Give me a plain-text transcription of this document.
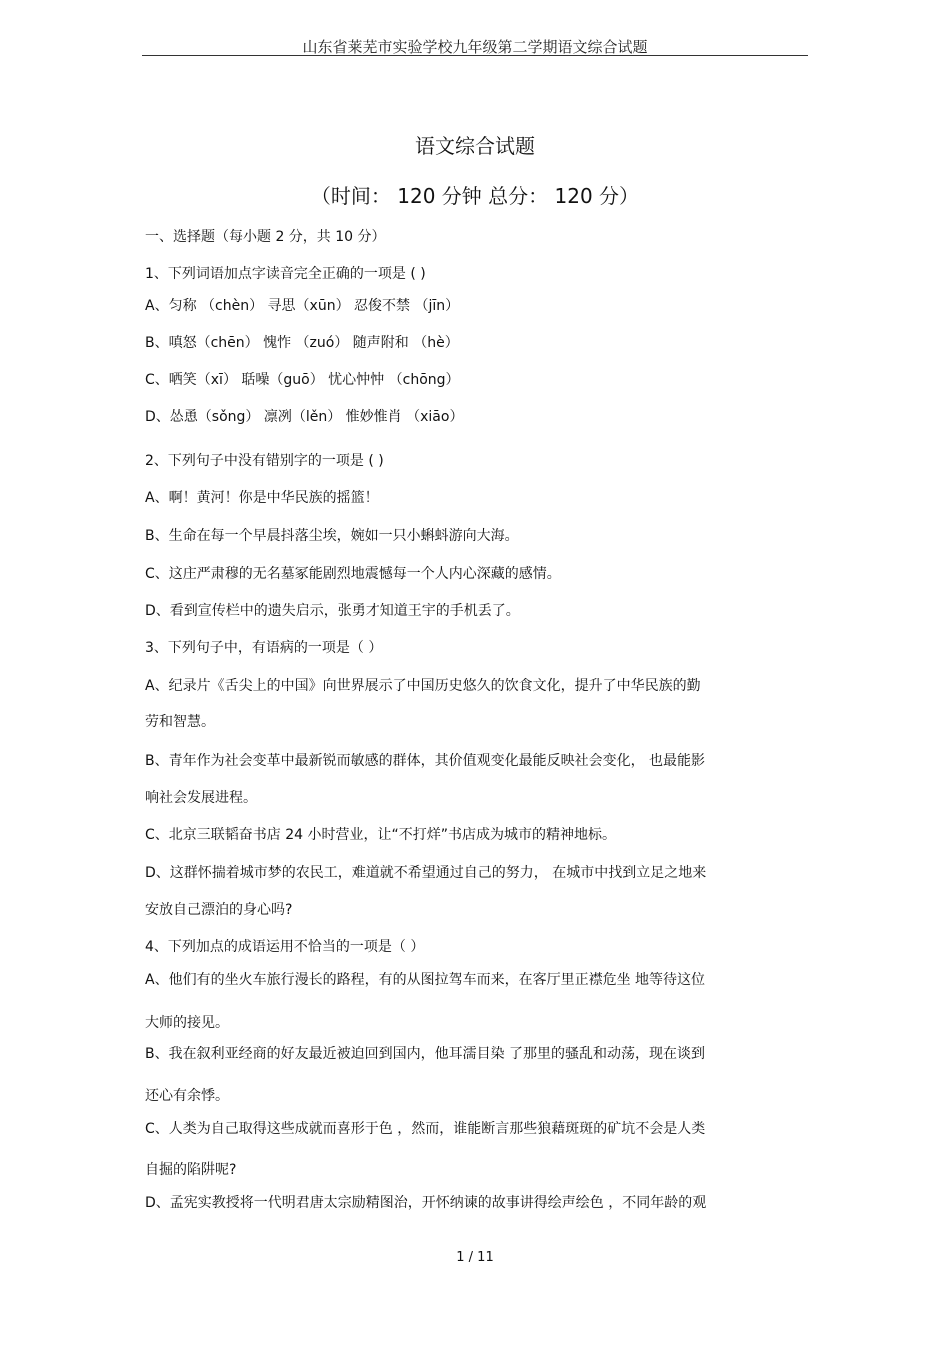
山东省莱芜市实验学校九年级第二学期语文综合试题
语文综合试题
（时间： 120 分钟 总分： 120 分）
一、选择题（每小题 2 分，共 10 分）
1、下列词语加点字读音完全正确的一项是 ( )
A、匀称 （chèn） 寻思（xūn） 忍俊不禁 （jīn）
B、嗔怒（chēn） 愧怍 （zuó） 随声附和 （hè）
C、哂笑（xī） 聒噪（guō） 忧心忡忡 （chōng）
D、怂恿（sǒng） 凛冽（lěn） 惟妙惟肖 （xiāo）
2、下列句子中没有错别字的一项是 ( )
A、啊！黄河！你是中华民族的摇篮！
B、生命在每一个早晨抖落尘埃，婉如一只小蝌蚪游向大海。
C、这庄严肃穆的无名墓冢能剧烈地震憾每一个人内心深藏的感情。
D、看到宣传栏中的遗失启示，张勇才知道王宇的手机丢了。
3、下列句子中，有语病的一项是（ ）
A、纪录片《舌尖上的中国》向世界展示了中国历史悠久的饮食文化，提升了中华民族的勤
劳和智慧。
B、青年作为社会变革中最新锐而敏感的群体，其价值观变化最能反映社会变化， 也最能影
响社会发展进程。
C、北京三联韬奋书店 24 小时营业，让“不打烊”书店成为城市的精神地标。
D、这群怀揣着城市梦的农民工，难道就不希望通过自己的努力， 在城市中找到立足之地来
安放自己漂泊的身心吗?
4、下列加点的成语运用不恰当的一项是（ ）
A、他们有的坐火车旅行漫长的路程，有的从图拉驾车而来，在客厅里正襟危坐 地等待这位
大师的接见。
B、我在叙利亚经商的好友最近被迫回到国内，他耳濡目染 了那里的骚乱和动荡，现在谈到
还心有余悸。
C、人类为自己取得这些成就而喜形于色 ，然而，谁能断言那些狼藉斑斑的矿坑不会是人类
自掘的陷阱呢?
D、孟宪实教授将一代明君唐太宗励精图治，开怀纳谏的故事讲得绘声绘色 ，不同年龄的观
1 / 11
